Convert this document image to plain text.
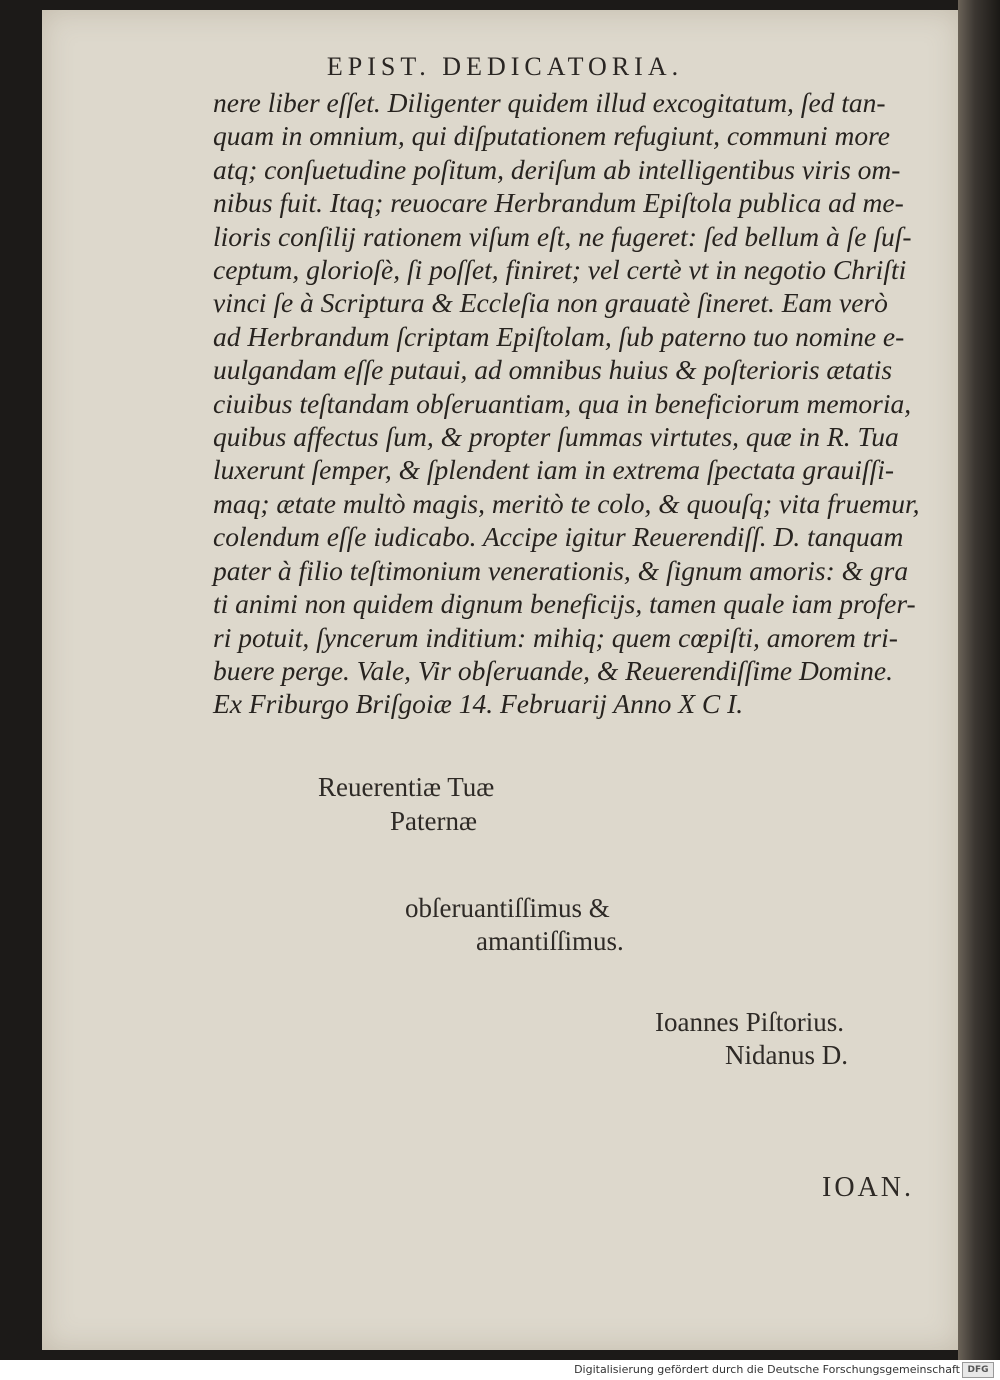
EPIST. DEDICATORIA.
nere liber eſſet. Diligenter quidem illud excogitatum, ſed tan-
quam in omnium, qui diſputationem refugiunt, communi more
atq; conſuetudine poſitum, deriſum ab intelligentibus viris om-
nibus fuit. Itaq; reuocare Herbrandum Epiſtola publica ad me-
lioris conſilij rationem viſum eſt, ne fugeret: ſed bellum à ſe ſuſ-
ceptum, glorioſè, ſi poſſet, finiret; vel certè vt in negotio Chriſti
vinci ſe à Scriptura & Eccleſia non grauatè ſineret. Eam verò
ad Herbrandum ſcriptam Epiſtolam, ſub paterno tuo nomine e-
uulgandam eſſe putaui, ad omnibus huius & poſterioris ætatis
ciuibus teſtandam obſeruantiam, qua in beneficiorum memoria,
quibus affectus ſum, & propter ſummas virtutes, quæ in R. Tua
luxerunt ſemper, & ſplendent iam in extrema ſpectata grauiſſi-
maq; ætate multò magis, meritò te colo, & quouſq; vita fruemur,
colendum eſſe iudicabo. Accipe igitur Reuerendiſſ. D. tanquam
pater à filio teſtimonium venerationis, & ſignum amoris: & gra
ti animi non quidem dignum beneficijs, tamen quale iam profer-
ri potuit, ſyncerum inditium: mihiq; quem cœpiſti, amorem tri-
buere perge. Vale, Vir obſeruande, & Reuerendiſſime Domine.
Ex Friburgo Briſgoiæ 14. Februarij Anno X C I.
Reuerentiæ Tuæ
Paternæ
obſeruantiſſimus &
amantiſſimus.
Ioannes Piſtorius.
Nidanus D.
IOAN.
Digitalisierung gefördert durch die Deutsche Forschungsgemeinschaft DFG
